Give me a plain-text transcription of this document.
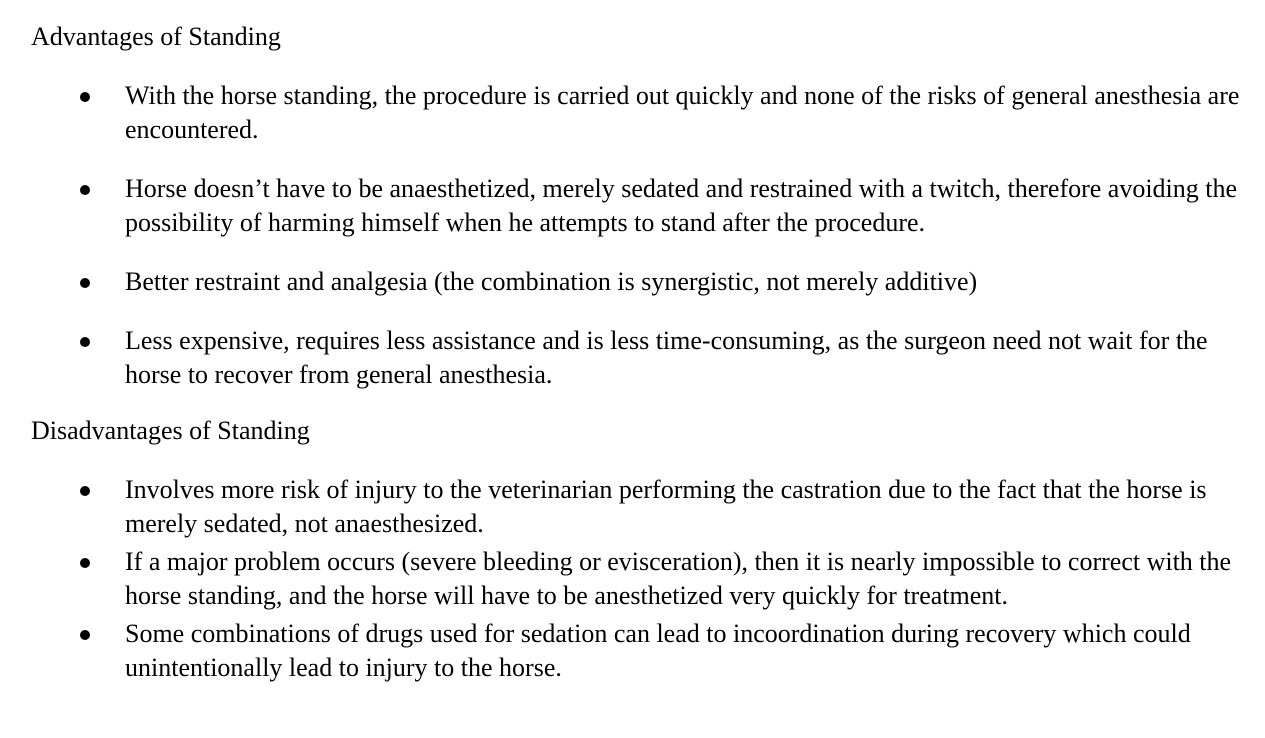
Advantages of Standing
With the horse standing, the procedure is carried out quickly and none of the risks of general anesthesia are encountered.
Horse doesn’t have to be anaesthetized, merely sedated and restrained with a twitch, therefore avoiding the possibility of harming himself when he attempts to stand after the procedure.
Better restraint and analgesia (the combination is synergistic, not merely additive)
Less expensive, requires less assistance and is less time-consuming, as the surgeon need not wait for the horse to recover from general anesthesia.
Disadvantages of Standing
Involves more risk of injury to the veterinarian performing the castration due to the fact that the horse is merely sedated, not anaesthesized.
If a major problem occurs (severe bleeding or evisceration), then it is nearly impossible to correct with the horse standing, and the horse will have to be anesthetized very quickly for treatment.
Some combinations of drugs used for sedation can lead to incoordination during recovery which could unintentionally lead to injury to the horse.
